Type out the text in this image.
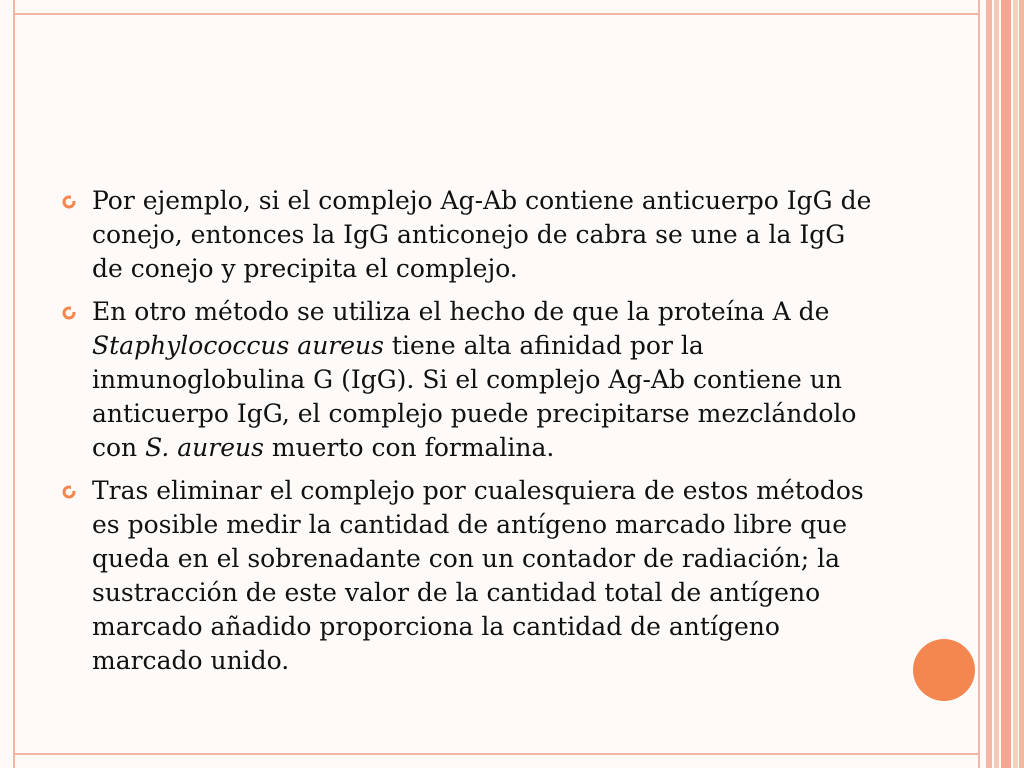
Por ejemplo, si el complejo Ag-Ab contiene anticuerpo IgG de conejo, entonces la IgG anticonejo de cabra se une a la IgG de conejo y precipita el complejo.
En otro método se utiliza el hecho de que la proteína A de Staphylococcus aureus tiene alta afinidad por la inmunoglobulina G (IgG). Si el complejo Ag-Ab contiene un anticuerpo IgG, el complejo puede precipitarse mezclándolo con S. aureus muerto con formalina.
Tras eliminar el complejo por cualesquiera de estos métodos es posible medir la cantidad de antígeno marcado libre que queda en el sobrenadante con un contador de radiación; la sustracción de este valor de la cantidad total de antígeno marcado añadido proporciona la cantidad de antígeno marcado unido.
